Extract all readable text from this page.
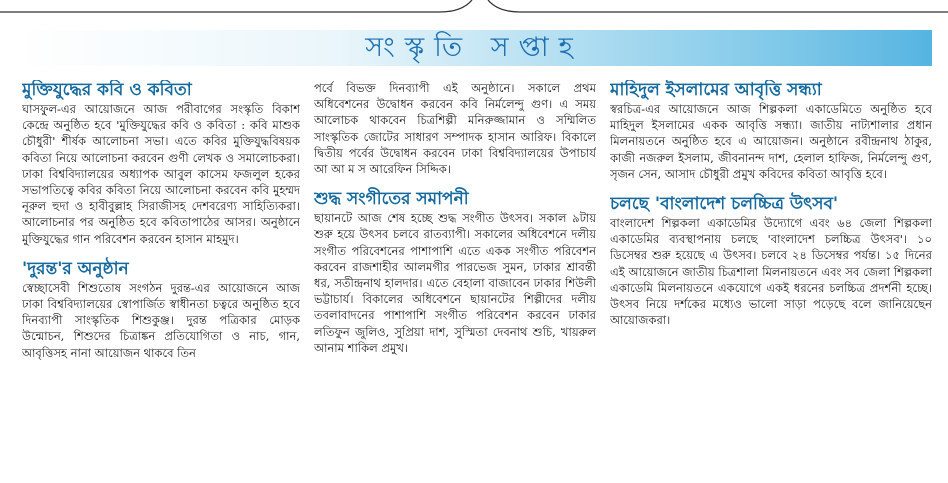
সংস্কৃতি সপ্তাহ
মুক্তিযুদ্ধের কবি ও কবিতা

ঘাসফুল-এর আয়োজনে আজ পরীবাগের সংস্কৃতি বিকাশ কেন্দ্রে অনুষ্ঠিত হবে 'মুক্তিযুদ্ধের কবি ও কবিতা : কবি মাশুক চৌধুরী' শীর্ষক আলোচনা সভা। এতে কবির মুক্তিযুদ্ধবিষয়ক কবিতা নিয়ে আলোচনা করবেন গুণী লেখক ও সমালোচকরা। ঢাকা বিশ্ববিদ্যালয়ের অধ্যাপক আবুল কাসেম ফজলুল হকের সভাপতিত্বে কবির কবিতা নিয়ে আলোচনা করবেন কবি মুহম্মদ নূরুল হুদা ও হাবীবুল্লাহ সিরাজীসহ দেশবরেণ্য সাহিত্যিকরা। আলোচনার পর অনুষ্ঠিত হবে কবিতাপাঠের আসর। অনুষ্ঠানে মুক্তিযুদ্ধের গান পরিবেশন করবেন হাসান মাহমুদ।

'দুরন্ত'র অনুষ্ঠান

স্বেচ্ছাসেবী শিশুতোষ সংগঠন দুরন্ত-এর আয়োজনে আজ ঢাকা বিশ্ববিদ্যালয়ের স্বোপার্জিত স্বাধীনতা চত্বরে অনুষ্ঠিত হবে দিনব্যাপী সাংস্কৃতিক শিশুকুঞ্জ। দুরন্ত পত্রিকার মোড়ক উন্মোচন, শিশুদের চিত্রাঙ্কন প্রতিযোগিতা ও নাচ, গান, আবৃত্তিসহ নানা আয়োজন থাকবে তিন

পর্বে বিভক্ত দিনব্যাপী এই অনুষ্ঠানে। সকালে প্রথম অধিবেশনের উদ্বোধন করবেন কবি নির্মলেন্দু গুণ। এ সময় আলোচক থাকবেন চিত্রশিল্পী মনিরুজ্জামান ও সম্মিলিত সাংস্কৃতিক জোটের সাধারণ সম্পাদক হাসান আরিফ। বিকালে দ্বিতীয় পর্বের উদ্বোধন করবেন ঢাকা বিশ্ববিদ্যালয়ের উপাচার্য আ আ ম স আরেফিন সিদ্দিক।

শুদ্ধ সংগীতের সমাপনী

ছায়ানটে আজ শেষ হচ্ছে শুদ্ধ সংগীত উৎসব। সকাল ৯টায় শুরু হয়ে উৎসব চলবে রাতব্যাপী। সকালের অধিবেশনে দলীয় সংগীত পরিবেশনের পাশাপাশি এতে একক সংগীত পরিবেশন করবেন রাজশাহীর আলমগীর পারভেজ সুমন, ঢাকার শ্রাবন্তী ধর, সতীন্দ্রনাথ হালদার। এতে বেহালা বাজাবেন ঢাকার শিউলী ভট্টাচার্য। বিকালের অধিবেশনে ছায়ানটের শিল্পীদের দলীয় তবলাবাদনের পাশাপাশি সংগীত পরিবেশন করবেন ঢাকার লতিফুন জুলিও, সুপ্রিয়া দাশ, সুস্মিতা দেবনাথ শুচি, খায়রুল আনাম শাকিল প্রমুখ।

মাহিদুল ইসলামের আবৃত্তি সন্ধ্যা

স্বরচিত্র-এর আয়োজনে আজ শিল্পকলা একাডেমিতে অনুষ্ঠিত হবে মাহিদুল ইসলামের একক আবৃত্তি সন্ধ্যা। জাতীয় নাট্যশালার প্রধান মিলনায়তনে অনুষ্ঠিত হবে এ আয়োজন। অনুষ্ঠানে রবীন্দ্রনাথ ঠাকুর, কাজী নজরুল ইসলাম, জীবনানন্দ দাশ, হেলাল হাফিজ, নির্মলেন্দু গুণ, সৃজন সেন, আসাদ চৌধুরী প্রমুখ কবিদের কবিতা আবৃত্তি হবে।

চলছে 'বাংলাদেশ চলচ্চিত্র উৎসব'

বাংলাদেশ শিল্পকলা একাডেমির উদ্যোগে এবং ৬৪ জেলা শিল্পকলা একাডেমির ব্যবস্থাপনায় চলছে 'বাংলাদেশ চলচ্চিত্র উৎসব'। ১০ ডিসেম্বর শুরু হয়েছে এ উৎসব। চলবে ২৪ ডিসেম্বর পর্যন্ত। ১৫ দিনের এই আয়োজনে জাতীয় চিত্রশালা মিলনায়তনে এবং সব জেলা শিল্পকলা একাডেমি মিলনায়তনে একযোগে একই ধরনের চলচ্চিত্র প্রদর্শনী হচ্ছে। উৎসব নিয়ে দর্শকের মধ্যেও ভালো সাড়া পড়েছে বলে জানিয়েছেন আয়োজকরা।
